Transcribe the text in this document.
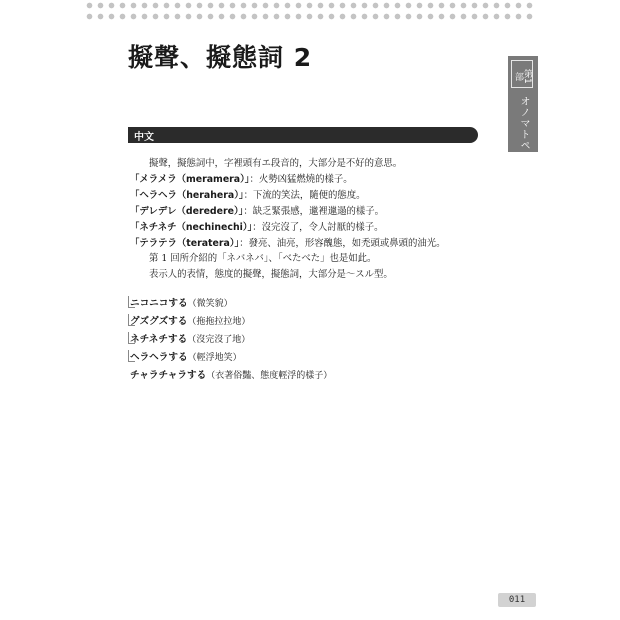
擬聲、擬態詞 2
第1部
オノマトペ
中文
擬聲，擬態詞中，字裡頭有エ段音的，大部分是不好的意思。
「メラメラ（meramera）」：火勢凶猛燃燒的樣子。
「ヘラヘラ（herahera）」：下流的笑法，隨便的態度。
「デレデレ（deredere）」：缺乏緊張感，邋裡邋遢的樣子。
「ネチネチ（nechinechi）」：沒完沒了，令人討厭的樣子。
「テラテラ（teratera）」：發亮、油亮，形容醜態，如禿頭或鼻頭的油光。
第 1 回所介紹的「ネバネバ」、「べたべた」也是如此。
表示人的表情，態度的擬聲，擬態詞，大部分是〜スル型。
ニコニコする（微笑貌）
グズグズする（拖拖拉拉地）
ネチネチする（沒完沒了地）
ヘラヘラする（輕浮地笑）
チャラチャラする（衣著俗豔、態度輕浮的樣子）
011
